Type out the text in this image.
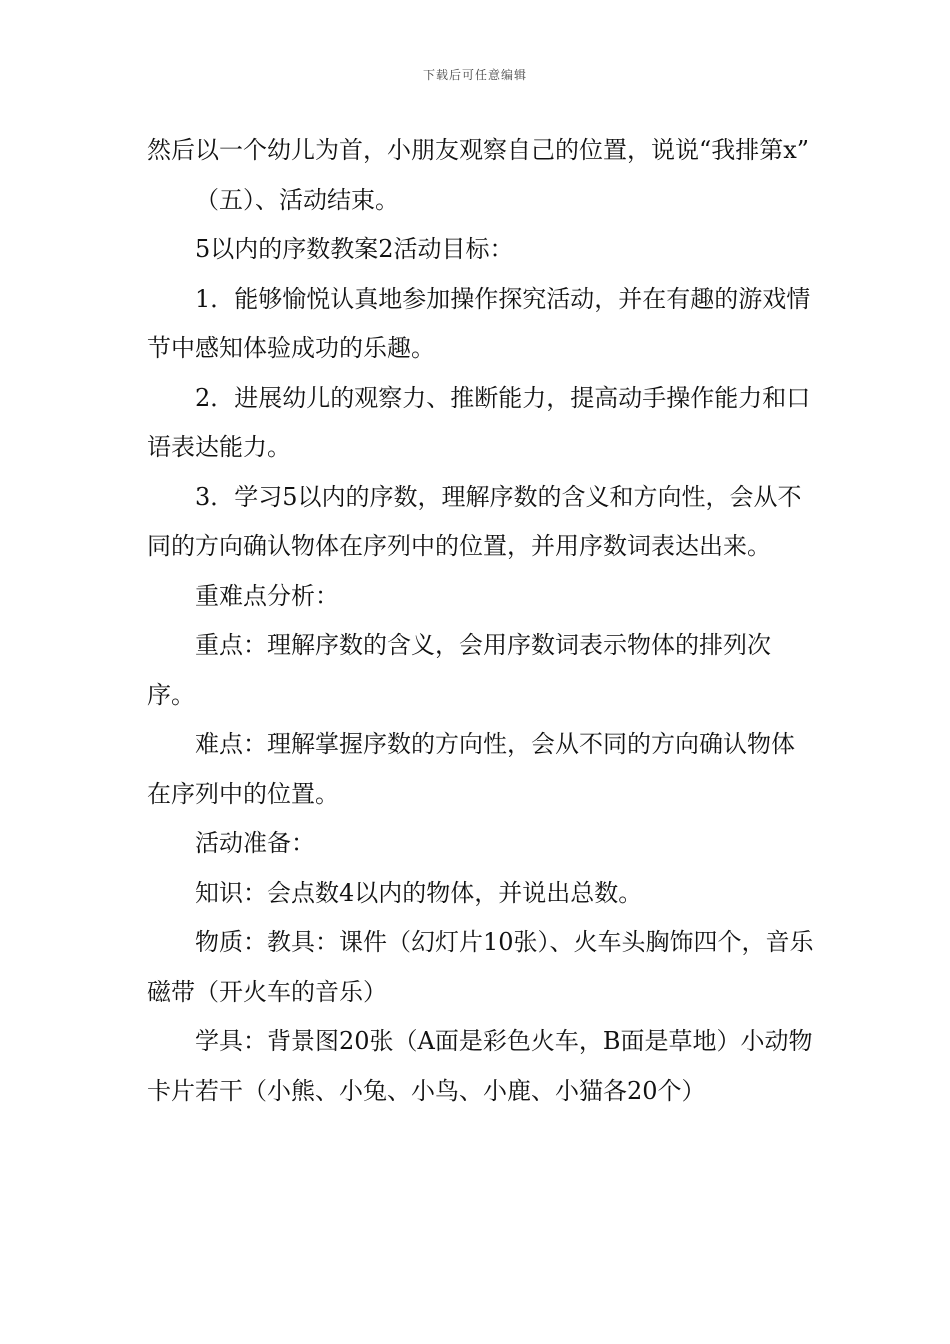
下载后可任意编辑

然后以一个幼儿为首，小朋友观察自己的位置，说说“我排第x”

（五）、活动结束。

5以内的序数教案2活动目标：

1．能够愉悦认真地参加操作探究活动，并在有趣的游戏情节中感知体验成功的乐趣。

2．进展幼儿的观察力、推断能力，提高动手操作能力和口语表达能力。

3．学习5以内的序数，理解序数的含义和方向性，会从不同的方向确认物体在序列中的位置，并用序数词表达出来。

重难点分析：

重点：理解序数的含义，会用序数词表示物体的排列次序。

难点：理解掌握序数的方向性，会从不同的方向确认物体在序列中的位置。

活动准备：

知识：会点数4以内的物体，并说出总数。

物质：教具：课件（幻灯片10张）、火车头胸饰四个，音乐磁带（开火车的音乐）

学具：背景图20张（A面是彩色火车，B面是草地）小动物卡片若干（小熊、小兔、小鸟、小鹿、小猫各20个）
